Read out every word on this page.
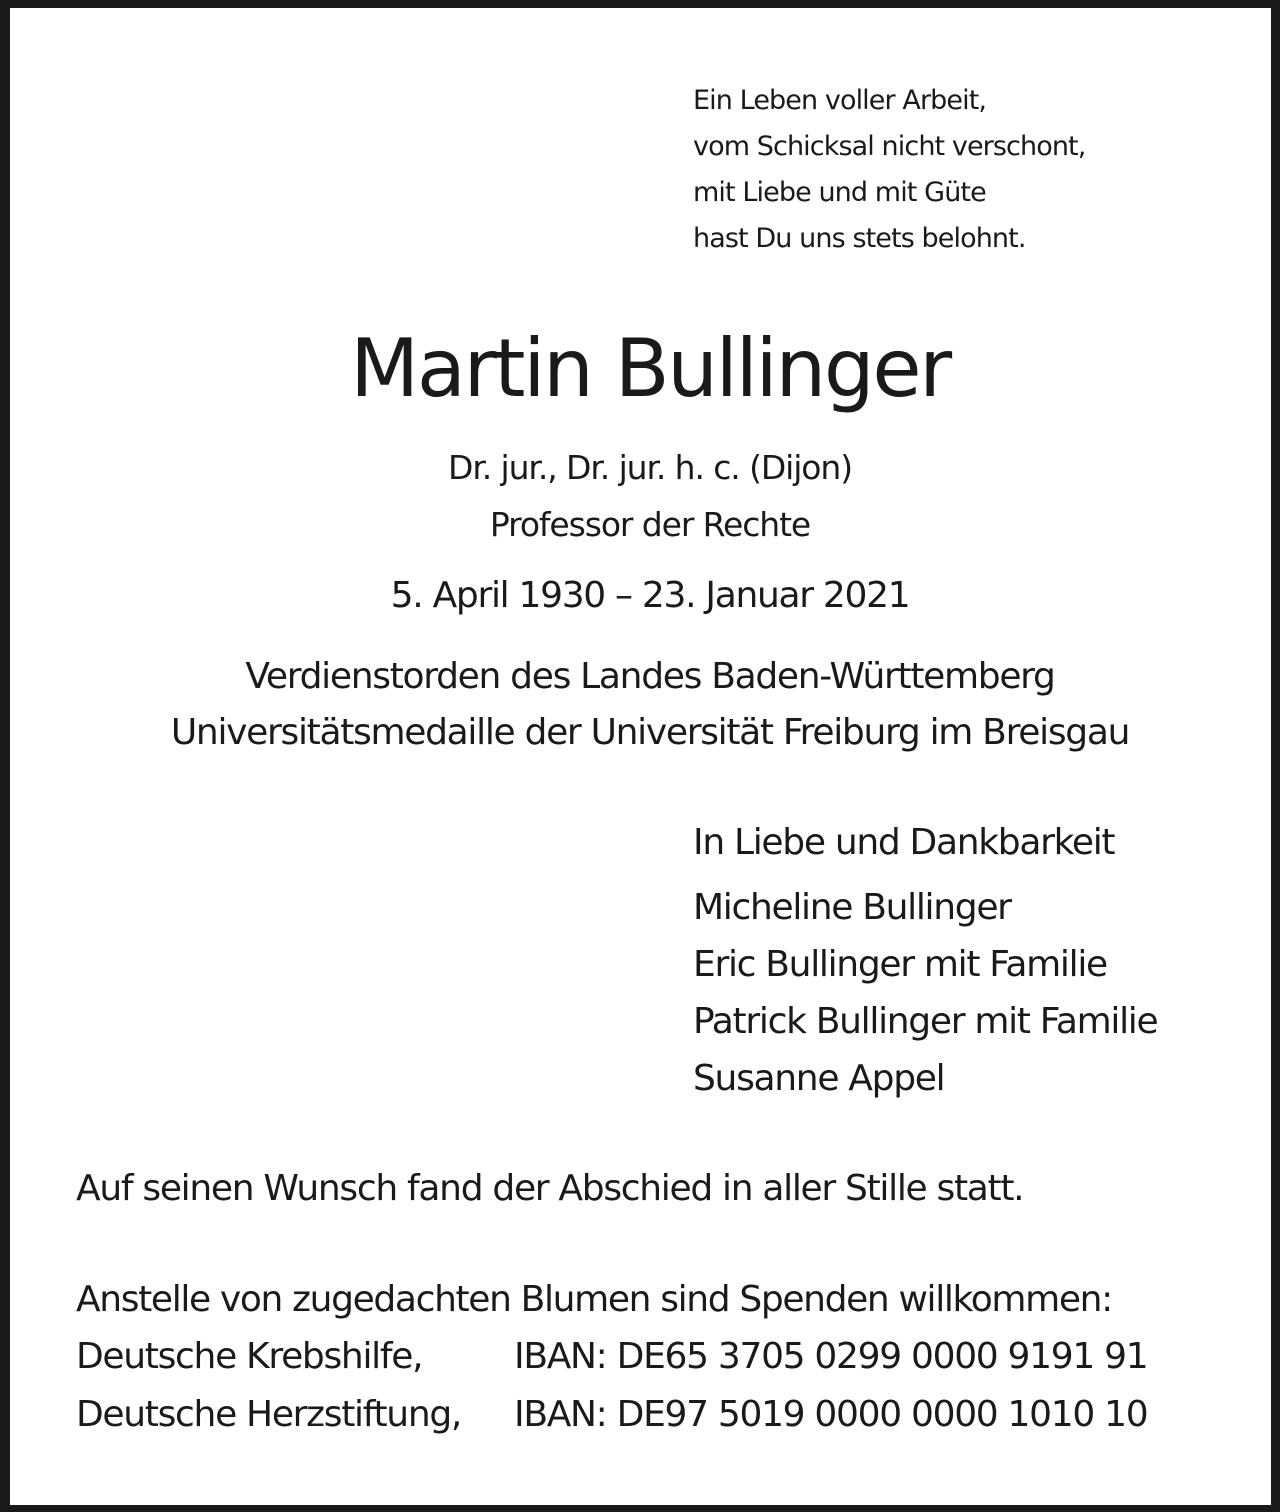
Ein Leben voller Arbeit,
vom Schicksal nicht verschont,
mit Liebe und mit Güte
hast Du uns stets belohnt.
Martin Bullinger
Dr. jur., Dr. jur. h. c. (Dijon)
Professor der Rechte
5. April 1930 – 23. Januar 2021
Verdienstorden des Landes Baden-Württemberg
Universitätsmedaille der Universität Freiburg im Breisgau
In Liebe und Dankbarkeit
Micheline Bullinger
Eric Bullinger mit Familie
Patrick Bullinger mit Familie
Susanne Appel
Auf seinen Wunsch fand der Abschied in aller Stille statt.
Anstelle von zugedachten Blumen sind Spenden willkommen:
Deutsche Krebshilfe,	IBAN: DE65 3705 0299 0000 9191 91
Deutsche Herzstiftung, IBAN: DE97 5019 0000 0000 1010 10
